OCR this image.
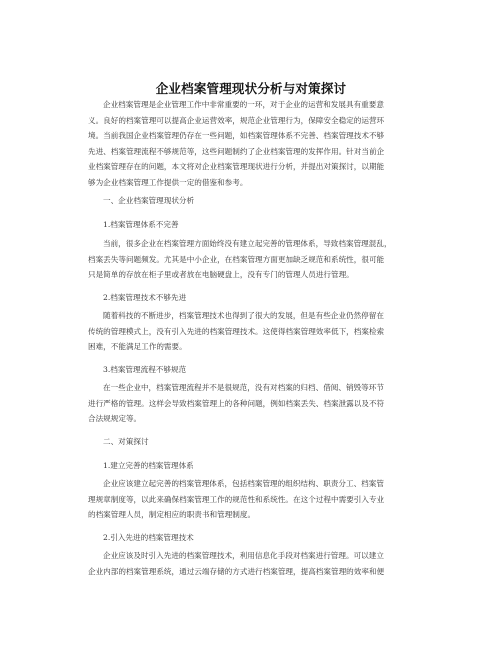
企业档案管理现状分析与对策探讨
企业档案管理是企业管理工作中非常重要的一环，对于企业的运营和发展具有重要意
义。良好的档案管理可以提高企业运营效率，规范企业管理行为，保障安全稳定的运营环
境。当前我国企业档案管理仍存在一些问题，如档案管理体系不完善、档案管理技术不够
先进、档案管理流程不够规范等，这些问题制约了企业档案管理的发挥作用。针对当前企
业档案管理存在的问题，本文将对企业档案管理现状进行分析，并提出对策探讨，以期能
够为企业档案管理工作提供一定的借鉴和参考。
一、企业档案管理现状分析
1.档案管理体系不完善
当前，很多企业在档案管理方面始终没有建立起完善的管理体系，导致档案管理混乱，
档案丢失等问题频发。尤其是中小企业，在档案管理方面更加缺乏规范和系统性，很可能
只是简单的存放在柜子里或者放在电脑硬盘上，没有专门的管理人员进行管理。
2.档案管理技术不够先进
随着科技的不断进步，档案管理技术也得到了很大的发展，但是有些企业仍然停留在
传统的管理模式上，没有引入先进的档案管理技术。这使得档案管理效率低下，档案检索
困难，不能满足工作的需要。
3.档案管理流程不够规范
在一些企业中，档案管理流程并不是很规范，没有对档案的归档、借阅、销毁等环节
进行严格的管理。这样会导致档案管理上的各种问题，例如档案丢失、档案泄露以及不符
合法规规定等。
二、对策探讨
1.建立完善的档案管理体系
企业应该建立起完善的档案管理体系，包括档案管理的组织结构、职责分工、档案管
理规章制度等，以此来确保档案管理工作的规范性和系统性。在这个过程中需要引入专业
的档案管理人员，制定相应的职责书和管理制度。
2.引入先进的档案管理技术
企业应该及时引入先进的档案管理技术，利用信息化手段对档案进行管理。可以建立
企业内部的档案管理系统，通过云端存储的方式进行档案管理，提高档案管理的效率和便
